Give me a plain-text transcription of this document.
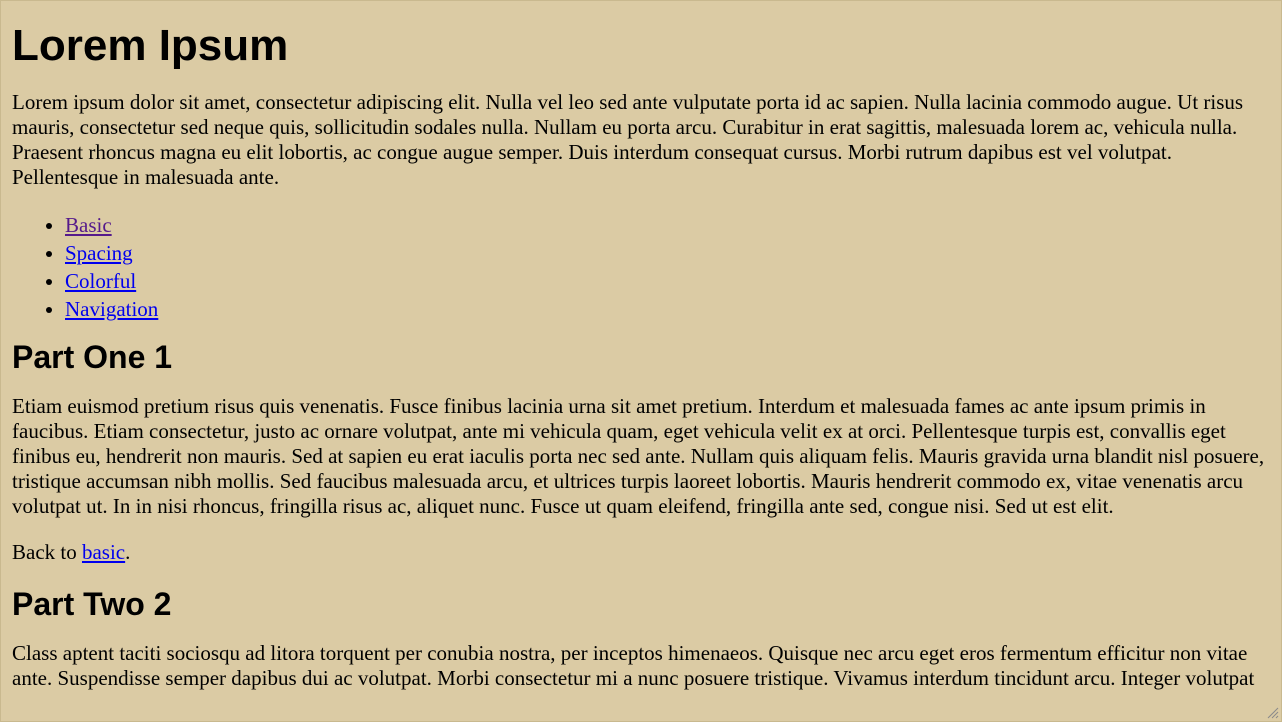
Lorem Ipsum

Lorem ipsum dolor sit amet, consectetur adipiscing elit. Nulla vel leo sed ante vulputate porta id ac sapien. Nulla lacinia commodo augue. Ut risus mauris, consectetur sed neque quis, sollicitudin sodales nulla. Nullam eu porta arcu. Curabitur in erat sagittis, malesuada lorem ac, vehicula nulla. Praesent rhoncus magna eu elit lobortis, ac congue augue semper. Duis interdum consequat cursus. Morbi rutrum dapibus est vel volutpat. Pellentesque in malesuada ante.

• Basic
• Spacing
• Colorful
• Navigation
Part One 1

Etiam euismod pretium risus quis venenatis. Fusce finibus lacinia urna sit amet pretium. Interdum et malesuada fames ac ante ipsum primis in faucibus. Etiam consectetur, justo ac ornare volutpat, ante mi vehicula quam, eget vehicula velit ex at orci. Pellentesque turpis est, convallis eget finibus eu, hendrerit non mauris. Sed at sapien eu erat iaculis porta nec sed ante. Nullam quis aliquam felis. Mauris gravida urna blandit nisl posuere, tristique accumsan nibh mollis. Sed faucibus malesuada arcu, et ultrices turpis laoreet lobortis. Mauris hendrerit commodo ex, vitae venenatis arcu volutpat ut. In in nisi rhoncus, fringilla risus ac, aliquet nunc. Fusce ut quam eleifend, fringilla ante sed, congue nisi. Sed ut est elit.

Back to basic.

Part Two 2

Class aptent taciti sociosqu ad litora torquent per conubia nostra, per inceptos himenaeos. Quisque nec arcu eget eros fermentum efficitur non vitae ante. Suspendisse semper dapibus dui ac volutpat. Morbi consectetur mi a nunc posuere tristique. Vivamus interdum tincidunt arcu. Integer volutpat
